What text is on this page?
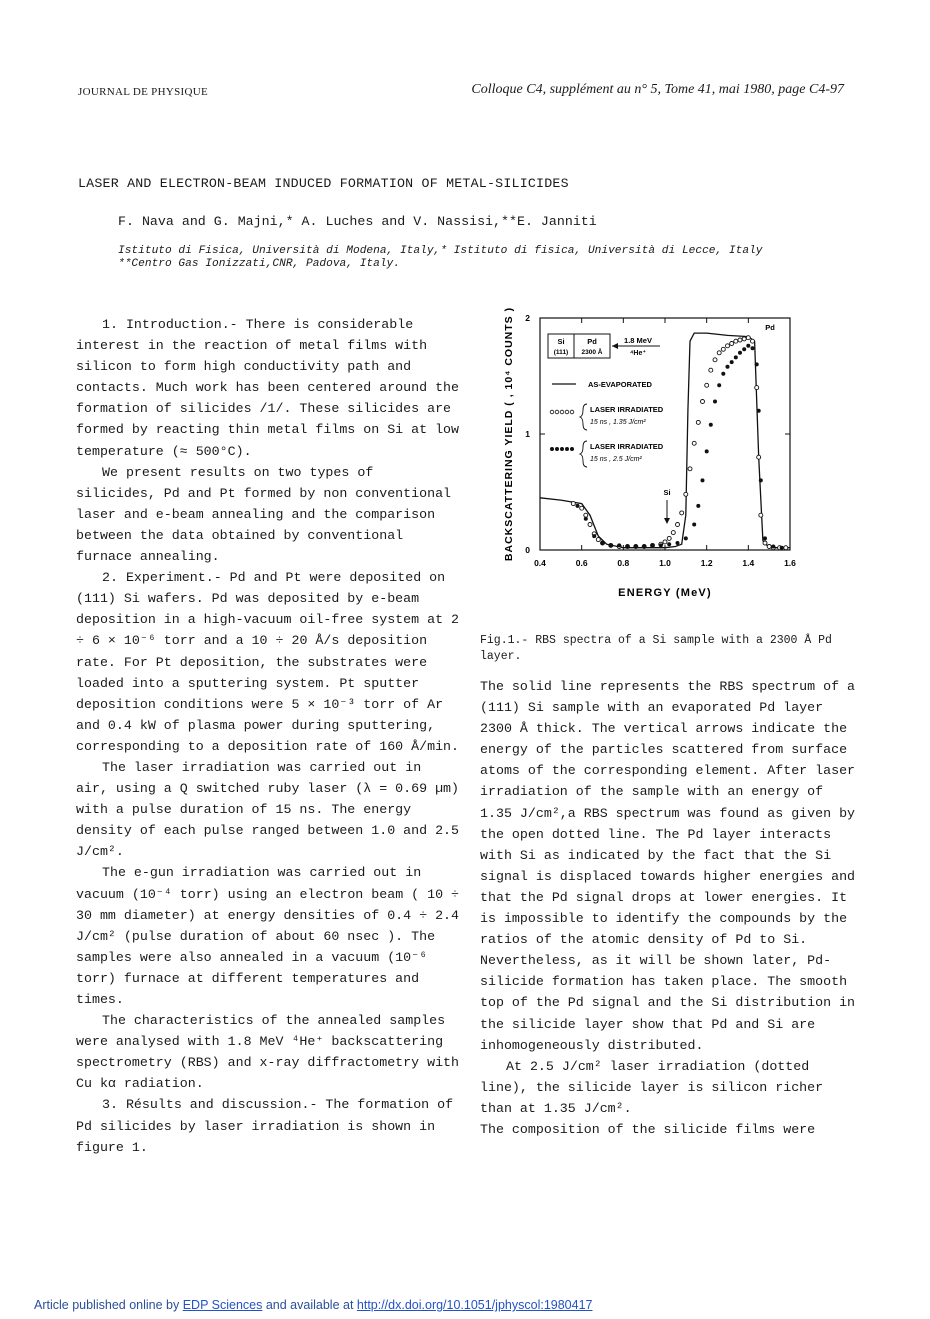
JOURNAL DE PHYSIQUE	Colloque C4, supplément au n° 5, Tome 41, mai 1980, page C4-97
LASER AND ELECTRON-BEAM INDUCED FORMATION OF METAL-SILICIDES
F. Nava and G. Majni,* A. Luches and V. Nassisi,**E. Janniti
Istituto di Fisica, Università di Modena, Italy,* Istituto di fisica, Università di Lecce, Italy
**Centro Gas Ionizzati,CNR, Padova, Italy.

1. Introduction.- There is considerable interest in the reaction of metal films with silicon to form high conductivity path and contacts. Much work has been centered around the formation of silicides /1/. These silicides are formed by reacting thin metal films on Si at low temperature (≈ 500°C).

We present results on two types of silicides, Pd and Pt formed by non conventional laser and e-beam annealing and the comparison between the data obtained by conventional furnace annealing.

2. Experiment.- Pd and Pt were deposited on (111) Si wafers. Pd was deposited by e-beam deposition in a high-vacuum oil-free system at 2 ÷ 6 × 10⁻⁶ torr and a 10 ÷ 20 Å/s deposition rate. For Pt deposition, the substrates were loaded into a sputtering system. Pt sputter deposition conditions were 5 × 10⁻³ torr of Ar and 0.4 kW of plasma power during sputtering, corresponding to a deposition rate of 160 Å/min.

The laser irradiation was carried out in air, using a Q switched ruby laser (λ = 0.69 µm) with a pulse duration of 15 ns. The energy density of each pulse ranged between 1.0 and 2.5 J/cm².

The e-gun irradiation was carried out in vacuum (10⁻⁴ torr) using an electron beam ( 10 ÷ 30 mm diameter) at energy densities of 0.4 ÷ 2.4 J/cm² (pulse duration of about 60 nsec ). The samples were also annealed in a vacuum (10⁻⁶ torr) furnace at different temperatures and times.

The characteristics of the annealed samples were analysed with 1.8 MeV ⁴He⁺ backscattering spectrometry (RBS) and x-ray diffractometry with Cu kα radiation.

3. Résults and discussion.- The formation of Pd silicides by laser irradiation is shown in figure 1.

BACKSCATTERING YIELD ( , 10⁴ COUNTS )
ENERGY (MeV)
0.4	0.6	0.8	1.0	1.2	1.4	1.6
0
1
2
Si
(111)
Pd
2300 Å
1.8 MeV
⁴He⁺
AS-EVAPORATED
LASER IRRADIATED
15 ns , 1.35 J/cm²
LASER IRRADIATED
15 ns , 2.5 J/cm²
Si
Pd
Fig.1.- RBS spectra of a Si sample with a 2300 Å Pd layer.

The solid line represents the RBS spectrum of a (111) Si sample with an evaporated Pd layer 2300 Å thick. The vertical arrows indicate the energy of the particles scattered from surface atoms of the corresponding element. After laser irradiation of the sample with an energy of 1.35 J/cm²,a RBS spectrum was found as given by the open dotted line. The Pd layer interacts with Si as indicated by the fact that the Si signal is displaced towards higher energies and that the Pd signal drops at lower energies. It is impossible to identify the compounds by the ratios of the atomic density of Pd to Si. Nevertheless, as it will be shown later, Pd-silicide formation has taken place. The smooth top of the Pd signal and the Si distribution in the silicide layer show that Pd and Si are inhomogeneously distributed.

At 2.5 J/cm² laser irradiation (dotted line), the silicide layer is silicon richer than at 1.35 J/cm².

The composition of the silicide films were

Article published online by EDP Sciences and available at http://dx.doi.org/10.1051/jphyscol:1980417
